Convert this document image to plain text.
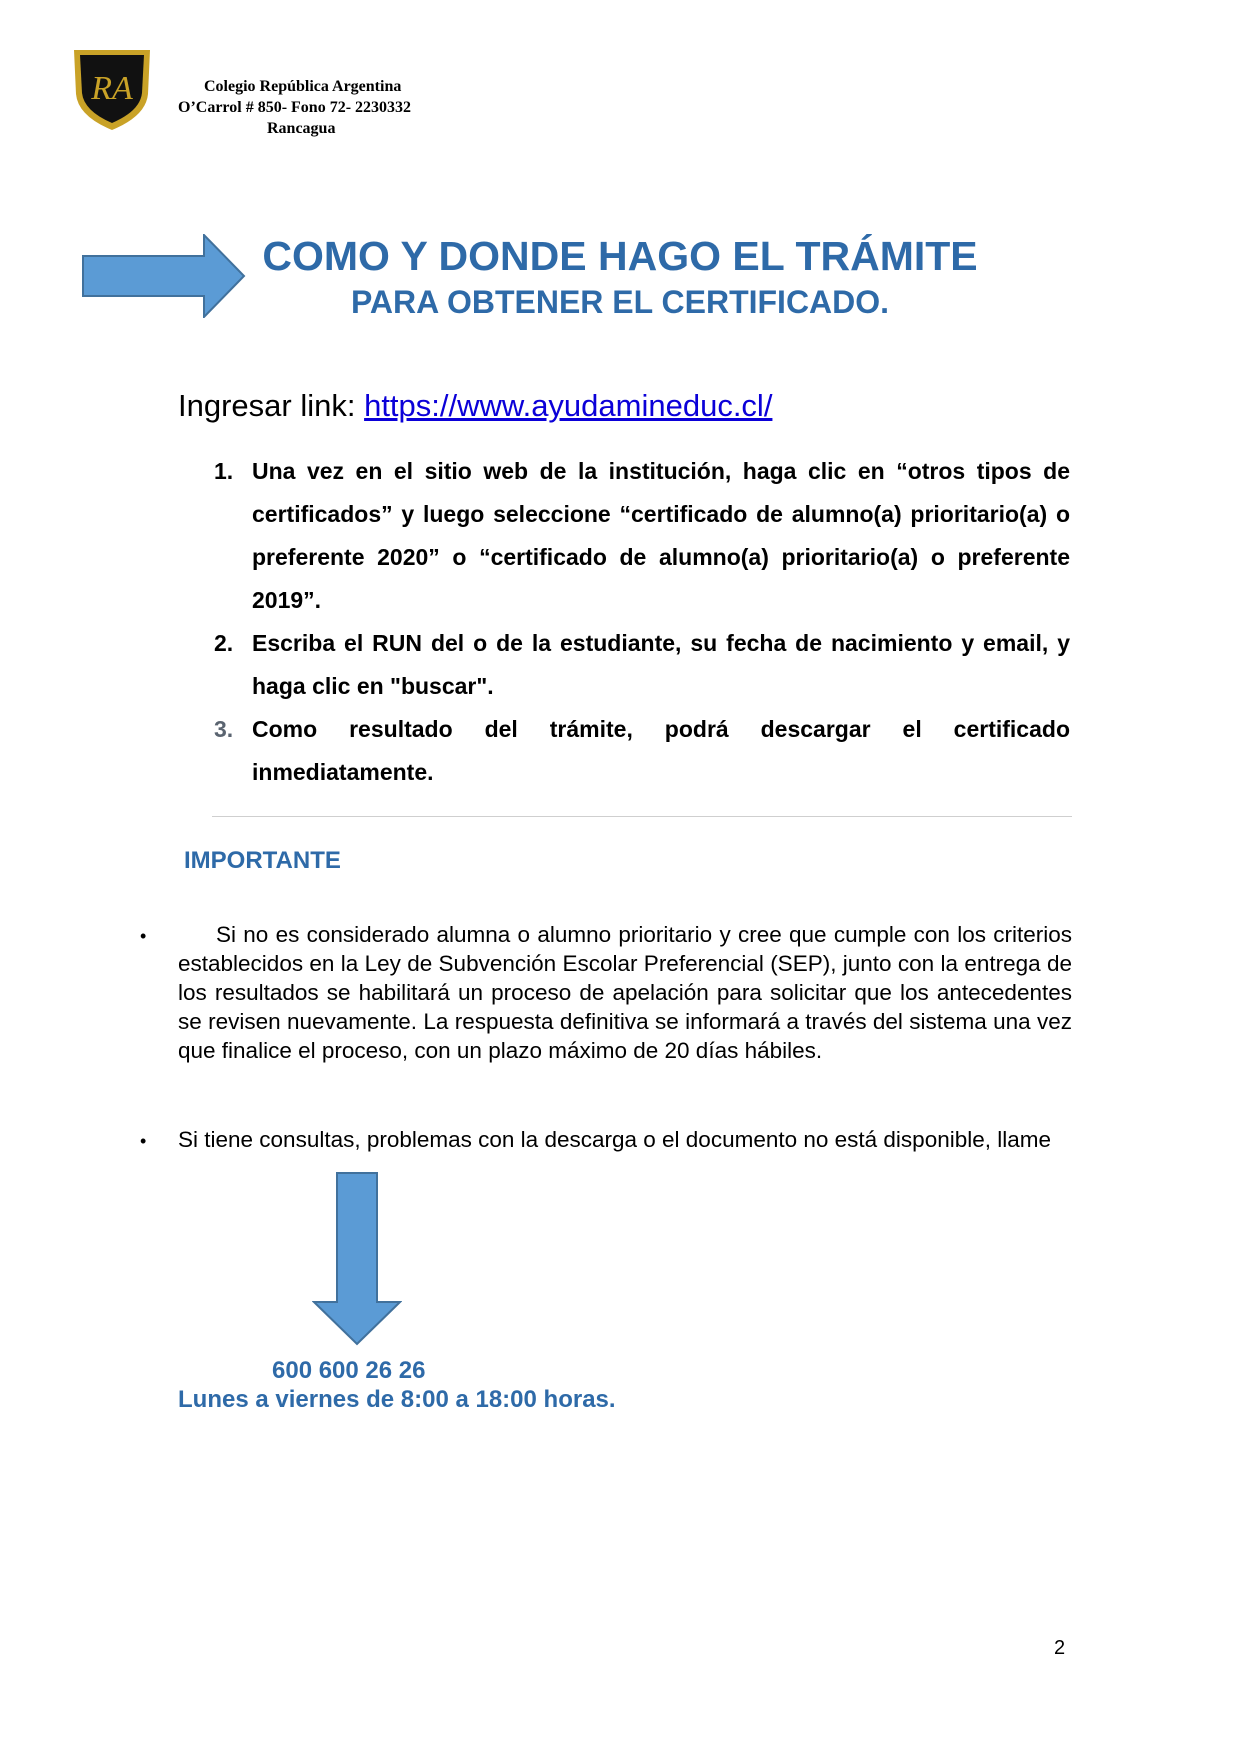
RA	Colegio República Argentina
O’Carrol # 850- Fono 72- 2230332
Rancagua
COMO Y DONDE HAGO EL TRÁMITE
PARA OBTENER EL CERTIFICADO.
Ingresar link: https://www.ayudamineduc.cl/
1. Una vez en el sitio web de la institución, haga clic en “otros tipos de certificados” y luego seleccione “certificado de alumno(a) prioritario(a) o preferente 2020” o “certificado de alumno(a) prioritario(a) o preferente 2019”.
2. Escriba el RUN del o de la estudiante, su fecha de nacimiento y email, y haga clic en "buscar".
3. Como resultado del trámite, podrá descargar el certificado inmediatamente.
IMPORTANTE
•	Si no es considerado alumna o alumno prioritario y cree que cumple con los criterios establecidos en la Ley de Subvención Escolar Preferencial (SEP), junto con la entrega de los resultados se habilitará un proceso de apelación para solicitar que los antecedentes se revisen nuevamente. La respuesta definitiva se informará a través del sistema una vez que finalice el proceso, con un plazo máximo de 20 días hábiles.
• Si tiene consultas, problemas con la descarga o el documento no está disponible, llame
600 600 26 26
Lunes a viernes de 8:00 a 18:00 horas.
2
